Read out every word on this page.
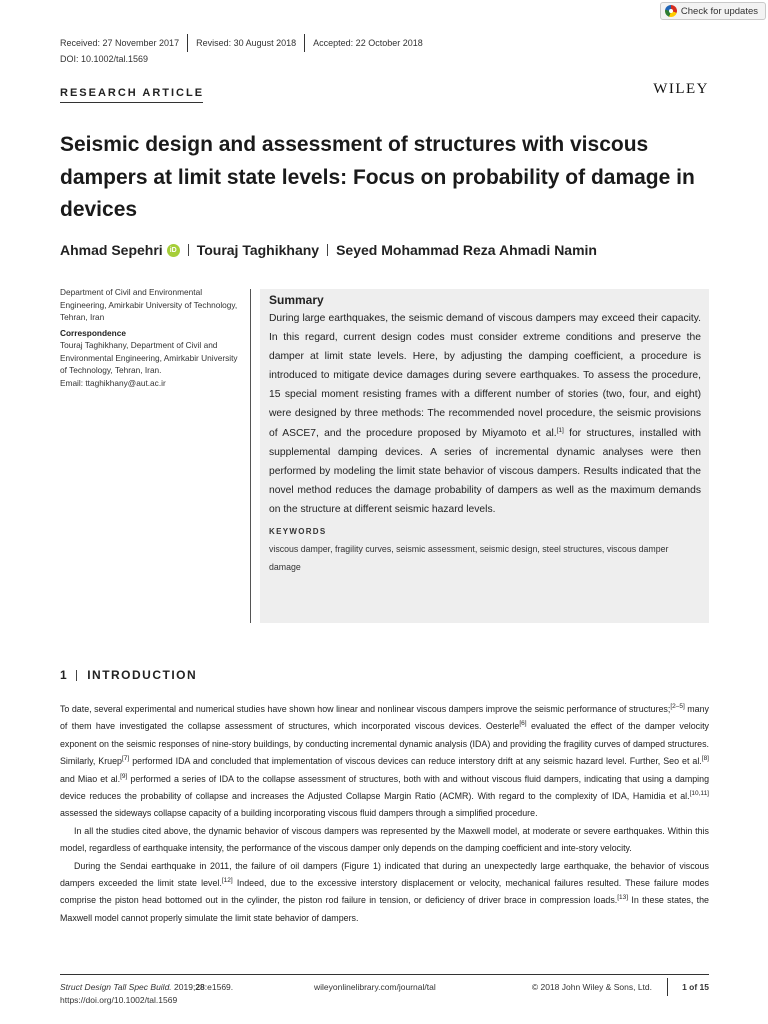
Check for updates
Received: 27 November 2017 Revised: 30 August 2018 Accepted: 22 October 2018
DOI: 10.1002/tal.1569
RESEARCH ARTICLE	WILEY
Seismic design and assessment of structures with viscous dampers at limit state levels: Focus on probability of damage in devices
Ahmad Sepehri	iD Touraj Taghikhany Seyed Mohammad Reza Ahmadi Namin
Department of Civil and Environmental Engineering, Amirkabir University of Technology, Tehran, Iran
Correspondence
Touraj Taghikhany, Department of Civil and Environmental Engineering, Amirkabir University of Technology, Tehran, Iran.
Email: ttaghikhany@aut.ac.ir
Summary
During large earthquakes, the seismic demand of viscous dampers may exceed their capacity. In this regard, current design codes must consider extreme conditions and preserve the damper at limit state levels. Here, by adjusting the damping coefficient, a procedure is introduced to mitigate device damages during severe earthquakes. To assess the procedure, 15 special moment resisting frames with a different number of stories (two, four, and eight) were designed by three methods: The recommended novel procedure, the seismic provisions of ASCE7, and the procedure proposed by Miyamoto et al.[1] for structures, installed with supplemental damping devices. A series of incremental dynamic analyses were then performed by modeling the limit state behavior of viscous dampers. Results indicated that the novel method reduces the damage probability of dampers as well as the maximum demands on the structure at different seismic hazard levels.
KEYWORDS
viscous damper, fragility curves, seismic assessment, seismic design, steel structures, viscous damper damage
1 INTRODUCTION

To date, several experimental and numerical studies have shown how linear and nonlinear viscous dampers improve the seismic performance of structures;[2–5] many of them have investigated the collapse assessment of structures, which incorporated viscous devices. Oesterle[6] evaluated the effect of the damper velocity exponent on the seismic responses of nine-story buildings, by conducting incremental dynamic analysis (IDA) and providing the fragility curves of damped structures. Similarly, Kruep[7] performed IDA and concluded that implementation of viscous devices can reduce interstory drift at any seismic hazard level. Further, Seo et al.[8] and Miao et al.[9] performed a series of IDA to the collapse assessment of structures, both with and without viscous fluid dampers, indicating that using a damping device reduces the probability of collapse and increases the Adjusted Collapse Margin Ratio (ACMR). With regard to the complexity of IDA, Hamidia et al.[10,11] assessed the sideways collapse capacity of a building incorporating viscous fluid dampers through a simplified procedure.

In all the studies cited above, the dynamic behavior of viscous dampers was represented by the Maxwell model, at moderate or severe earthquakes. Within this model, regardless of earthquake intensity, the performance of the viscous damper only depends on the damping coefficient and inte-story velocity.

During the Sendai earthquake in 2011, the failure of oil dampers (Figure 1) indicated that during an unexpectedly large earthquake, the behavior of viscous dampers exceeded the limit state level.[12] Indeed, due to the excessive interstory displacement or velocity, mechanical failures resulted. These failure modes comprise the piston head bottomed out in the cylinder, the piston rod failure in tension, or deficiency of driver brace in compression loads.[13] In these states, the Maxwell model cannot properly simulate the limit state behavior of dampers.

Struct Design Tall Spec Build. 2019;28:e1569.
https://doi.org/10.1002/tal.1569
wileyonlinelibrary.com/journal/tal	© 2018 John Wiley & Sons, Ltd.	1 of 15
